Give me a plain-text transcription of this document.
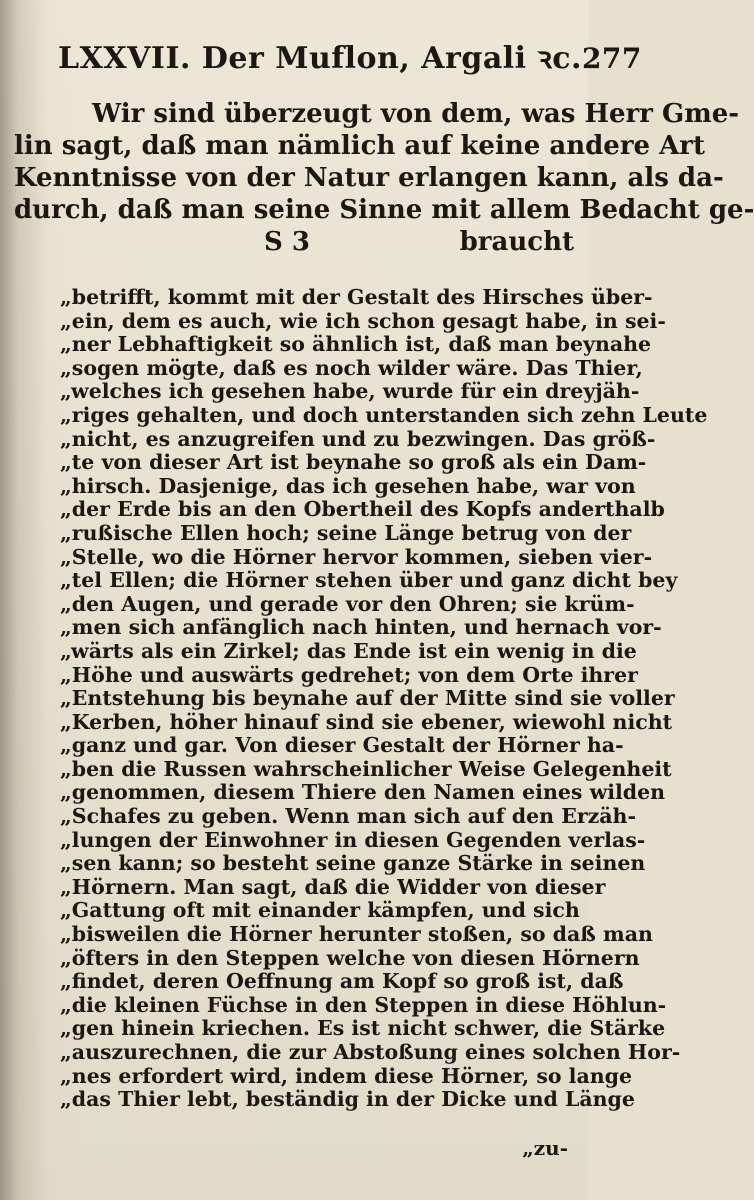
LXXVII. Der Muflon, Argali ꝛc. 277
Wir sind überzeugt von dem, was Herr Gme-
lin sagt, daß man nämlich auf keine andere Art
Kenntnisse von der Natur erlangen kann, als da-
durch, daß man seine Sinne mit allem Bedacht ge-
S 3	braucht
„betrifft, kommt mit der Gestalt des Hirsches über-
„ein, dem es auch, wie ich schon gesagt habe, in sei-
„ner Lebhaftigkeit so ähnlich ist, daß man beynahe
„sogen mögte, daß es noch wilder wäre. Das Thier,
„welches ich gesehen habe, wurde für ein dreyjäh-
„riges gehalten, und doch unterstanden sich zehn Leute
„nicht, es anzugreifen und zu bezwingen. Das größ-
„te von dieser Art ist beynahe so groß als ein Dam-
„hirsch. Dasjenige, das ich gesehen habe, war von
„der Erde bis an den Obertheil des Kopfs anderthalb
„rußische Ellen hoch; seine Länge betrug von der
„Stelle, wo die Hörner hervor kommen, sieben vier-
„tel Ellen; die Hörner stehen über und ganz dicht bey
„den Augen, und gerade vor den Ohren; sie krüm-
„men sich anfänglich nach hinten, und hernach vor-
„wärts als ein Zirkel; das Ende ist ein wenig in die
„Höhe und auswärts gedrehet; von dem Orte ihrer
„Entstehung bis beynahe auf der Mitte sind sie voller
„Kerben, höher hinauf sind sie ebener, wiewohl nicht
„ganz und gar. Von dieser Gestalt der Hörner ha-
„ben die Russen wahrscheinlicher Weise Gelegenheit
„genommen, diesem Thiere den Namen eines wilden
„Schafes zu geben. Wenn man sich auf den Erzäh-
„lungen der Einwohner in diesen Gegenden verlas-
„sen kann; so besteht seine ganze Stärke in seinen
„Hörnern. Man sagt, daß die Widder von dieser
„Gattung oft mit einander kämpfen, und sich
„bisweilen die Hörner herunter stoßen, so daß man
„öfters in den Steppen welche von diesen Hörnern
„findet, deren Oeffnung am Kopf so groß ist, daß
„die kleinen Füchse in den Steppen in diese Höhlun-
„gen hinein kriechen. Es ist nicht schwer, die Stärke
„auszurechnen, die zur Abstoßung eines solchen Hor-
„nes erfordert wird, indem diese Hörner, so lange
„das Thier lebt, beständig in der Dicke und Länge
„zu-
